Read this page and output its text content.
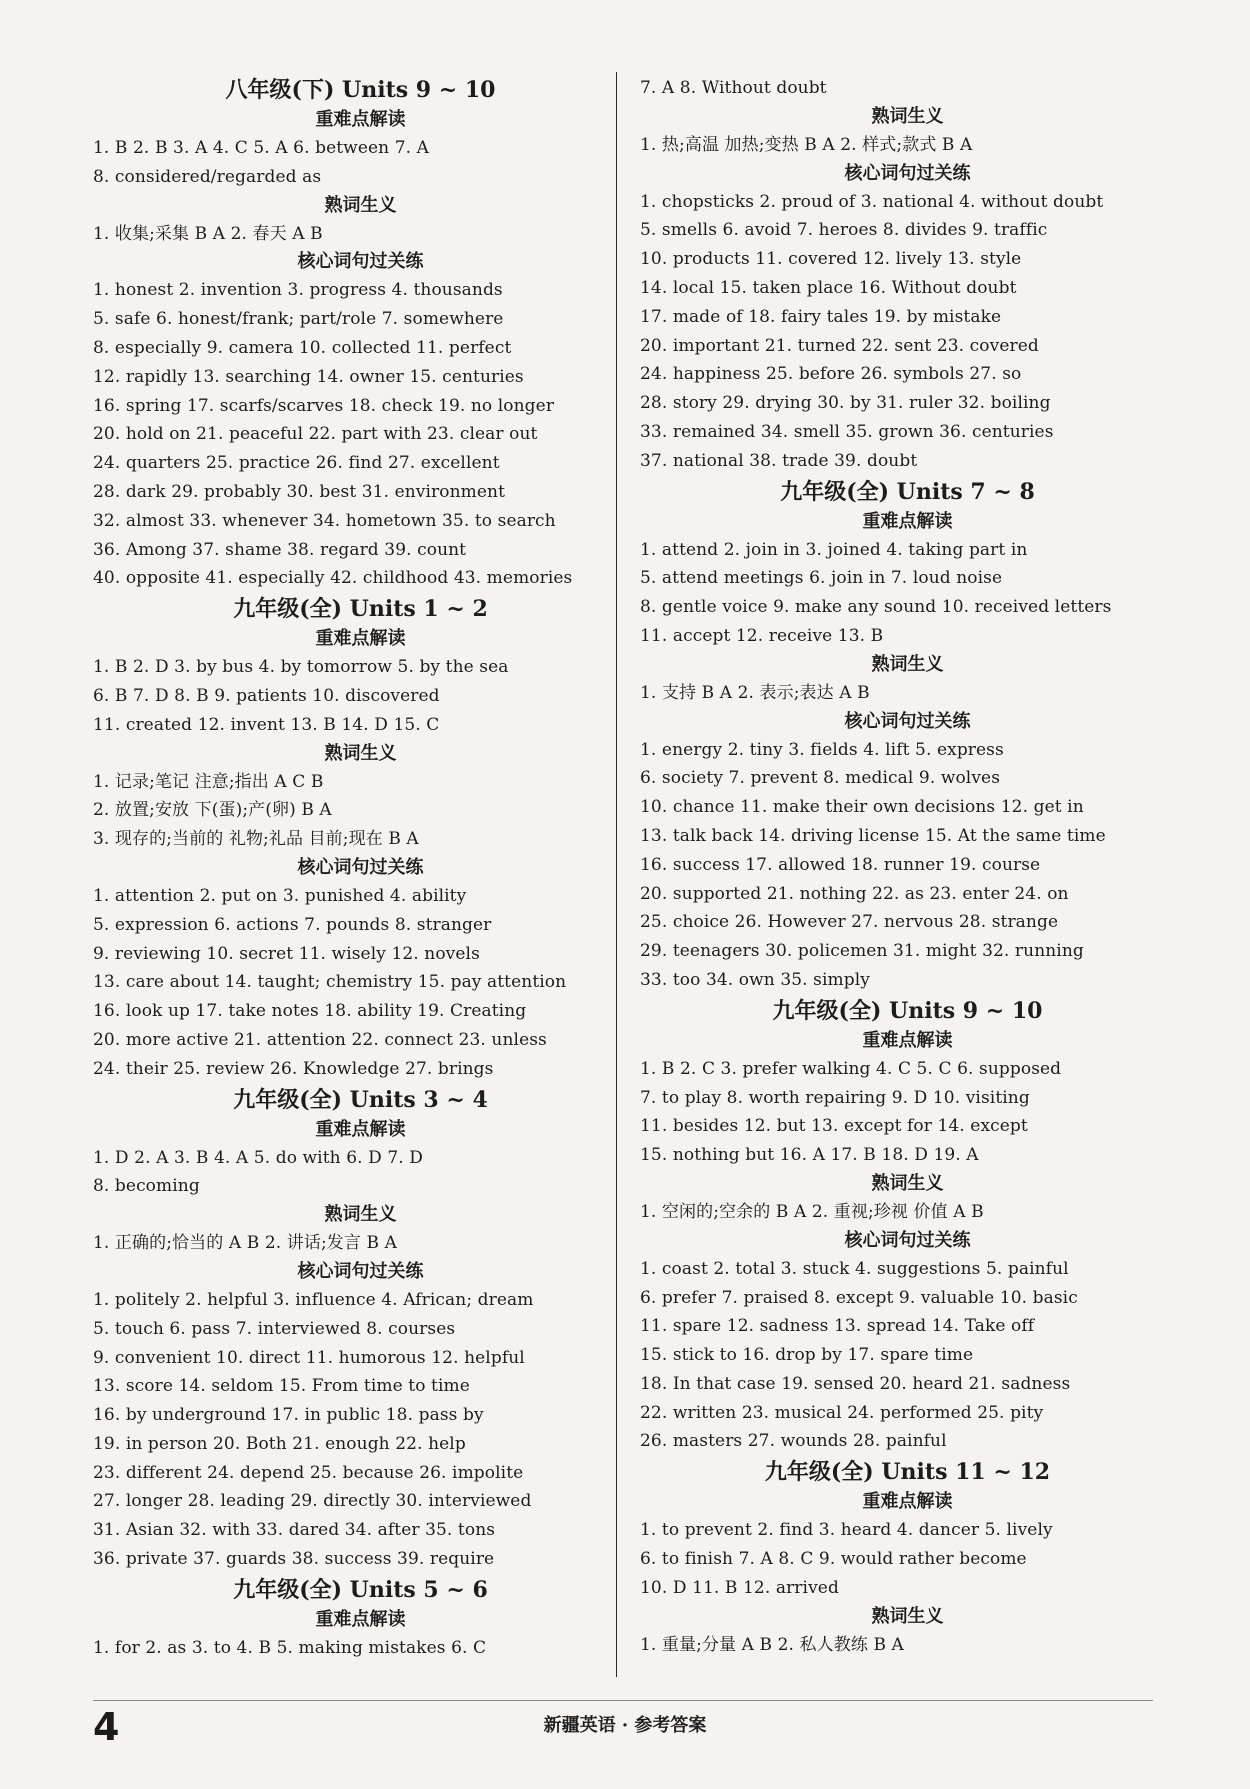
八年级(下) Units 9 ~ 10
重难点解读
1. B 2. B 3. A 4. C 5. A 6. between 7. A
8. considered/regarded as
熟词生义
1. 收集;采集 B A 2. 春天 A B
核心词句过关练
1. honest 2. invention 3. progress 4. thousands
5. safe 6. honest/frank; part/role 7. somewhere
8. especially 9. camera 10. collected 11. perfect
12. rapidly 13. searching 14. owner 15. centuries
16. spring 17. scarfs/scarves 18. check 19. no longer
20. hold on 21. peaceful 22. part with 23. clear out
24. quarters 25. practice 26. find 27. excellent
28. dark 29. probably 30. best 31. environment
32. almost 33. whenever 34. hometown 35. to search
36. Among 37. shame 38. regard 39. count
40. opposite 41. especially 42. childhood 43. memories
九年级(全) Units 1 ~ 2
重难点解读
1. B 2. D 3. by bus 4. by tomorrow 5. by the sea
6. B 7. D 8. B 9. patients 10. discovered
11. created 12. invent 13. B 14. D 15. C
熟词生义
1. 记录;笔记 注意;指出 A C B
2. 放置;安放 下(蛋);产(卵) B A
3. 现存的;当前的 礼物;礼品 目前;现在 B A
核心词句过关练
1. attention 2. put on 3. punished 4. ability
5. expression 6. actions 7. pounds 8. stranger
9. reviewing 10. secret 11. wisely 12. novels
13. care about 14. taught; chemistry 15. pay attention
16. look up 17. take notes 18. ability 19. Creating
20. more active 21. attention 22. connect 23. unless
24. their 25. review 26. Knowledge 27. brings
九年级(全) Units 3 ~ 4
重难点解读
1. D 2. A 3. B 4. A 5. do with 6. D 7. D
8. becoming
熟词生义
1. 正确的;恰当的 A B 2. 讲话;发言 B A
核心词句过关练
1. politely 2. helpful 3. influence 4. African; dream
5. touch 6. pass 7. interviewed 8. courses
9. convenient 10. direct 11. humorous 12. helpful
13. score 14. seldom 15. From time to time
16. by underground 17. in public 18. pass by
19. in person 20. Both 21. enough 22. help
23. different 24. depend 25. because 26. impolite
27. longer 28. leading 29. directly 30. interviewed
31. Asian 32. with 33. dared 34. after 35. tons
36. private 37. guards 38. success 39. require
九年级(全) Units 5 ~ 6
重难点解读
1. for 2. as 3. to 4. B 5. making mistakes 6. C
7. A 8. Without doubt
熟词生义
1. 热;高温 加热;变热 B A 2. 样式;款式 B A
核心词句过关练
1. chopsticks 2. proud of 3. national 4. without doubt
5. smells 6. avoid 7. heroes 8. divides 9. traffic
10. products 11. covered 12. lively 13. style
14. local 15. taken place 16. Without doubt
17. made of 18. fairy tales 19. by mistake
20. important 21. turned 22. sent 23. covered
24. happiness 25. before 26. symbols 27. so
28. story 29. drying 30. by 31. ruler 32. boiling
33. remained 34. smell 35. grown 36. centuries
37. national 38. trade 39. doubt
九年级(全) Units 7 ~ 8
重难点解读
1. attend 2. join in 3. joined 4. taking part in
5. attend meetings 6. join in 7. loud noise
8. gentle voice 9. make any sound 10. received letters
11. accept 12. receive 13. B
熟词生义
1. 支持 B A 2. 表示;表达 A B
核心词句过关练
1. energy 2. tiny 3. fields 4. lift 5. express
6. society 7. prevent 8. medical 9. wolves
10. chance 11. make their own decisions 12. get in
13. talk back 14. driving license 15. At the same time
16. success 17. allowed 18. runner 19. course
20. supported 21. nothing 22. as 23. enter 24. on
25. choice 26. However 27. nervous 28. strange
29. teenagers 30. policemen 31. might 32. running
33. too 34. own 35. simply
九年级(全) Units 9 ~ 10
重难点解读
1. B 2. C 3. prefer walking 4. C 5. C 6. supposed
7. to play 8. worth repairing 9. D 10. visiting
11. besides 12. but 13. except for 14. except
15. nothing but 16. A 17. B 18. D 19. A
熟词生义
1. 空闲的;空余的 B A 2. 重视;珍视 价值 A B
核心词句过关练
1. coast 2. total 3. stuck 4. suggestions 5. painful
6. prefer 7. praised 8. except 9. valuable 10. basic
11. spare 12. sadness 13. spread 14. Take off
15. stick to 16. drop by 17. spare time
18. In that case 19. sensed 20. heard 21. sadness
22. written 23. musical 24. performed 25. pity
26. masters 27. wounds 28. painful
九年级(全) Units 11 ~ 12
重难点解读
1. to prevent 2. find 3. heard 4. dancer 5. lively
6. to finish 7. A 8. C 9. would rather become
10. D 11. B 12. arrived
熟词生义
1. 重量;分量 A B 2. 私人教练 B A
4	新疆英语 · 参考答案
